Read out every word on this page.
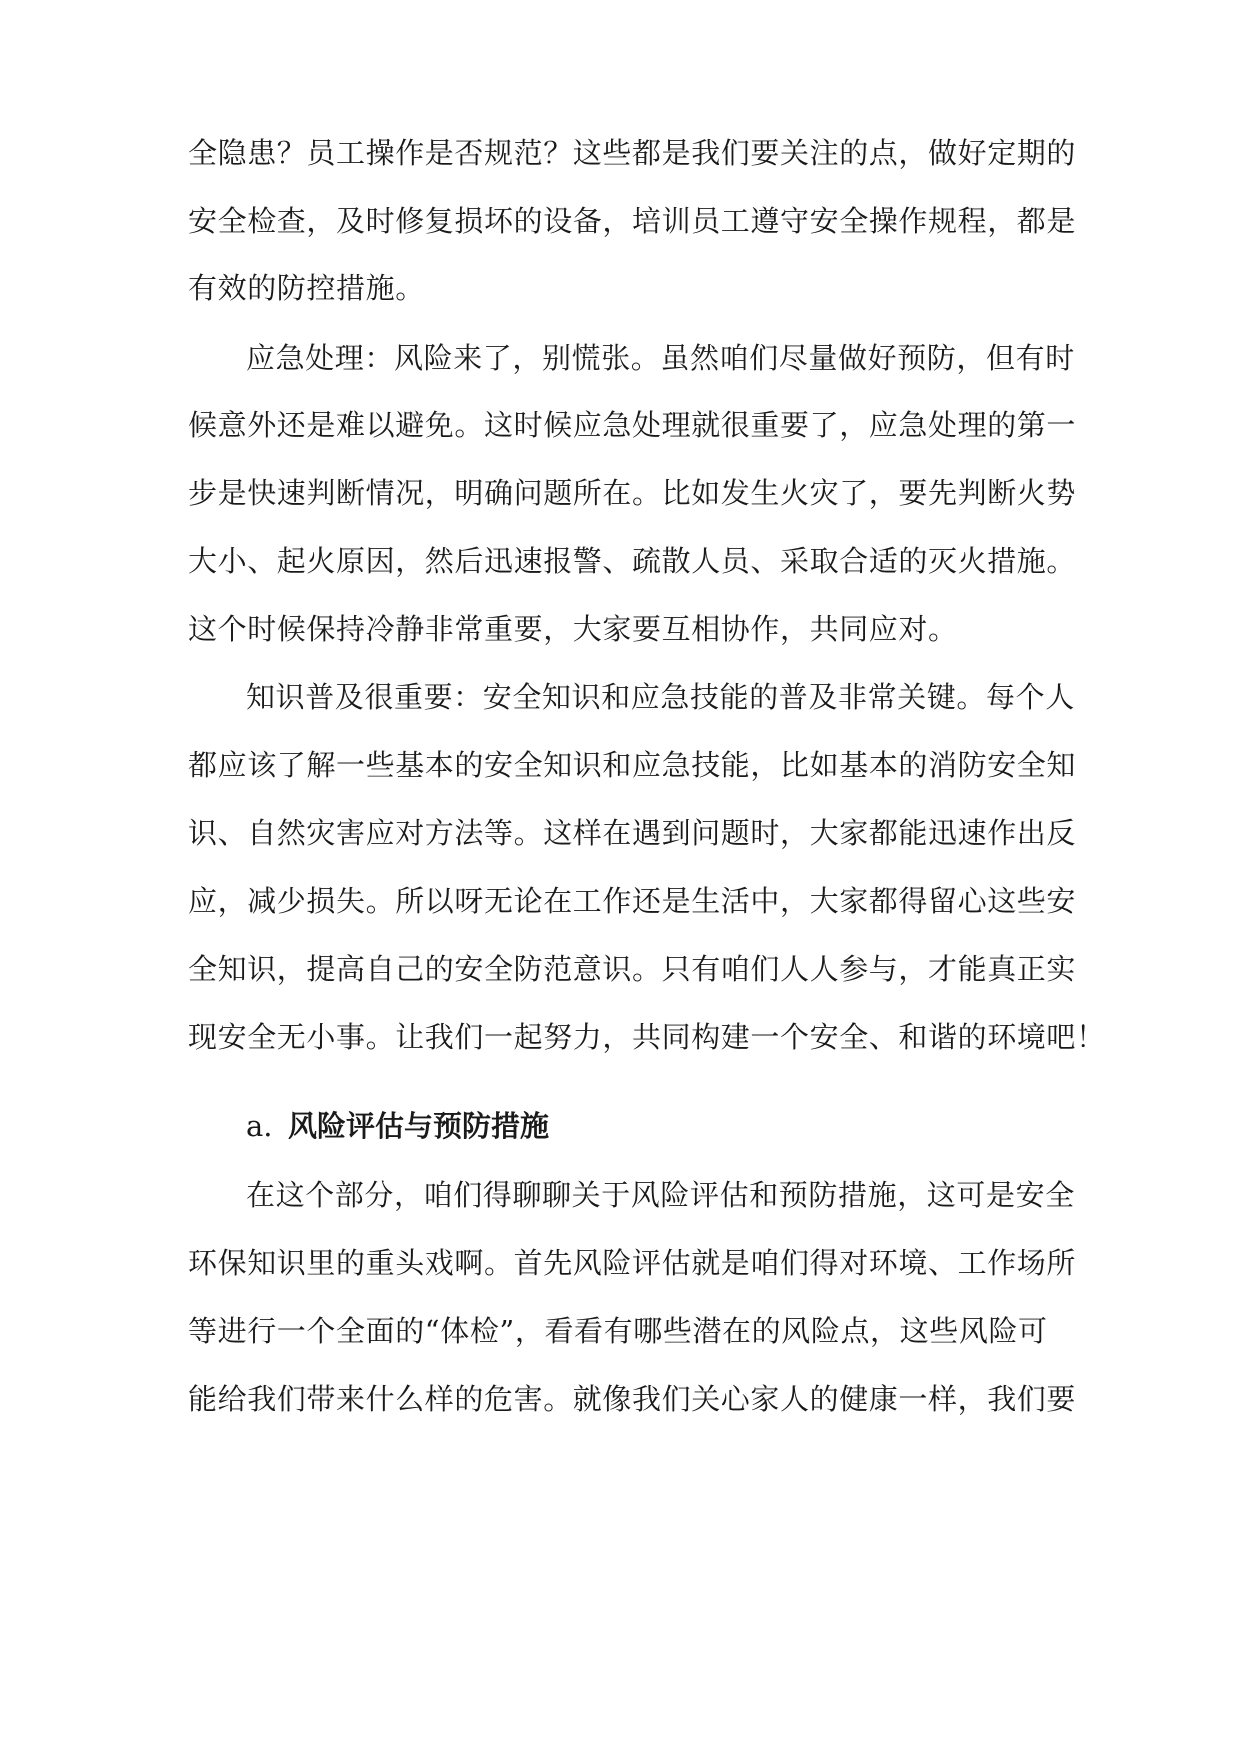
全隐患？员工操作是否规范？这些都是我们要关注的点，做好定期的
安全检查，及时修复损坏的设备，培训员工遵守安全操作规程，都是
有效的防控措施。
应急处理：风险来了，别慌张。虽然咱们尽量做好预防，但有时
候意外还是难以避免。这时候应急处理就很重要了，应急处理的第一
步是快速判断情况，明确问题所在。比如发生火灾了，要先判断火势
大小、起火原因，然后迅速报警、疏散人员、采取合适的灭火措施。
这个时候保持冷静非常重要，大家要互相协作，共同应对。
知识普及很重要：安全知识和应急技能的普及非常关键。每个人
都应该了解一些基本的安全知识和应急技能，比如基本的消防安全知
识、自然灾害应对方法等。这样在遇到问题时，大家都能迅速作出反
应，减少损失。所以呀无论在工作还是生活中，大家都得留心这些安
全知识，提高自己的安全防范意识。只有咱们人人参与，才能真正实
现安全无小事。让我们一起努力，共同构建一个安全、和谐的环境吧！
a. 风险评估与预防措施
在这个部分，咱们得聊聊关于风险评估和预防措施，这可是安全
环保知识里的重头戏啊。首先风险评估就是咱们得对环境、工作场所
等进行一个全面的“体检”，看看有哪些潜在的风险点，这些风险可
能给我们带来什么样的危害。就像我们关心家人的健康一样，我们要
